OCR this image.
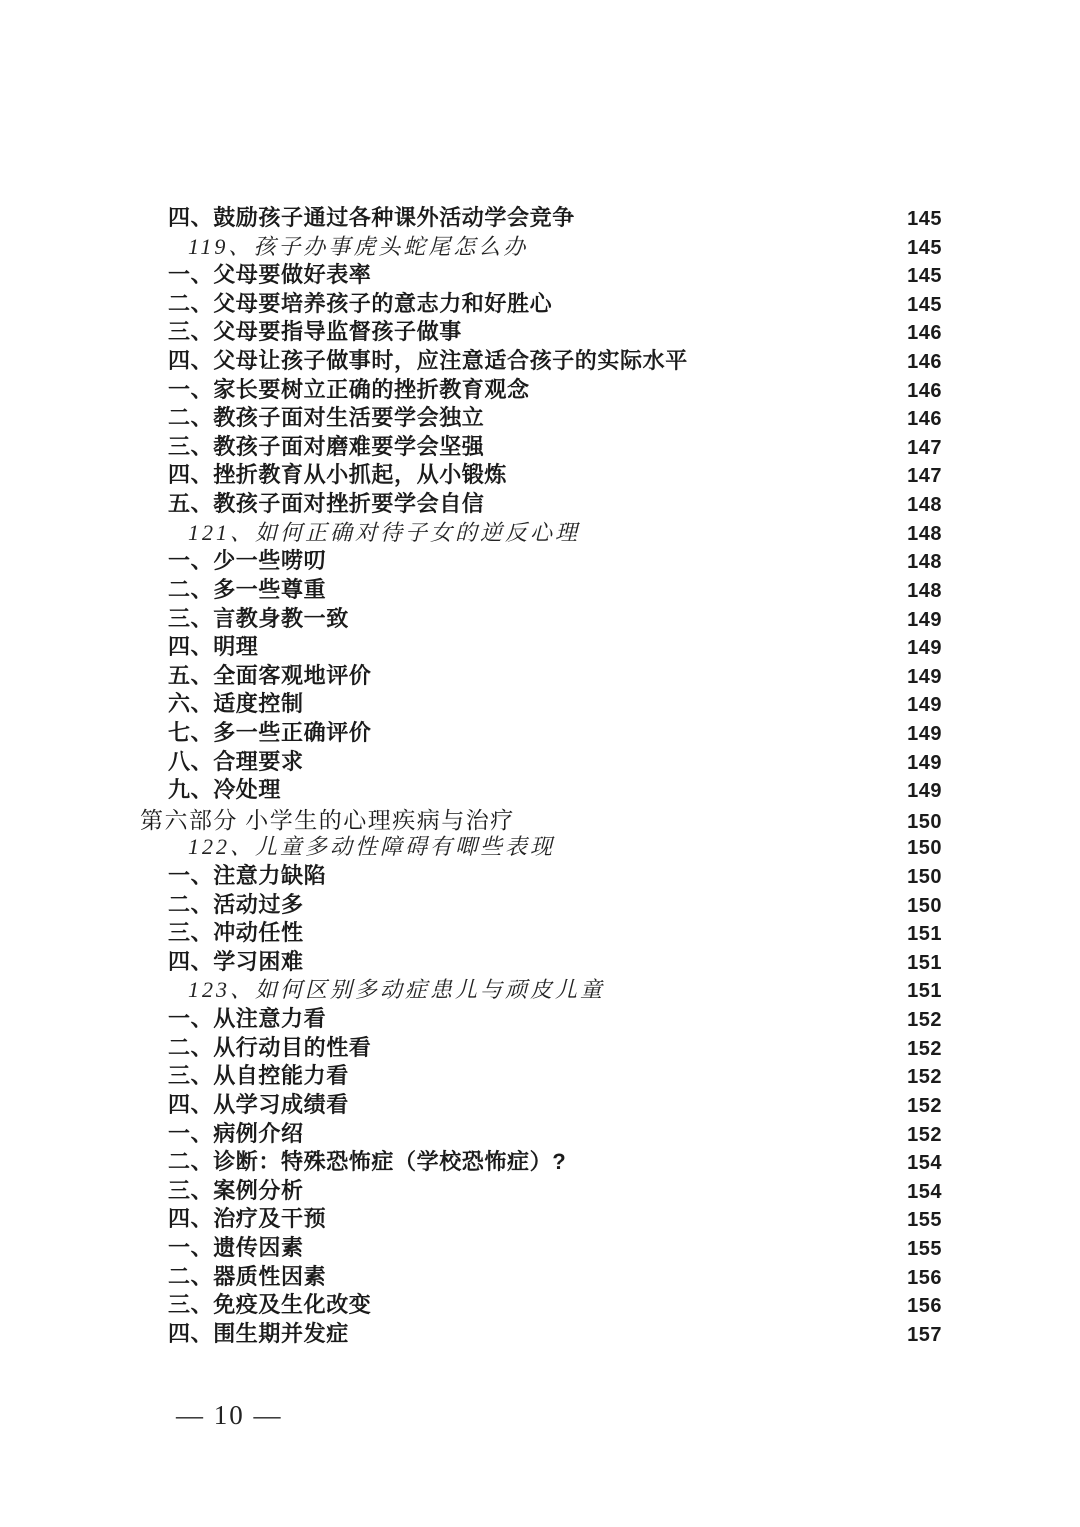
四、鼓励孩子通过各种课外活动学会竞争	145
119、孩子办事虎头蛇尾怎么办	145
一、父母要做好表率	145
二、父母要培养孩子的意志力和好胜心	145
三、父母要指导监督孩子做事	146
四、父母让孩子做事时，应注意适合孩子的实际水平	146
一、家长要树立正确的挫折教育观念	146
二、教孩子面对生活要学会独立	146
三、教孩子面对磨难要学会坚强	147
四、挫折教育从小抓起，从小锻炼	147
五、教孩子面对挫折要学会自信	148
121、如何正确对待子女的逆反心理	148
一、少一些唠叨	148
二、多一些尊重	148
三、言教身教一致	149
四、明理	149
五、全面客观地评价	149
六、适度控制	149
七、多一些正确评价	149
八、合理要求	149
九、冷处理	149
第六部分 小学生的心理疾病与治疗	150
122、儿童多动性障碍有唧些表现	150
一、注意力缺陷	150
二、活动过多	150
三、冲动任性	151
四、学习困难	151
123、如何区别多动症患儿与顽皮儿童	151
一、从注意力看	152
二、从行动目的性看	152
三、从自控能力看	152
四、从学习成绩看	152
一、病例介绍	152
二、诊断：特殊恐怖症（学校恐怖症）?	154
三、案例分析	154
四、治疗及干预	155
一、遗传因素	155
二、器质性因素	156
三、免疫及生化改变	156
四、围生期并发症	157
— 10 —
